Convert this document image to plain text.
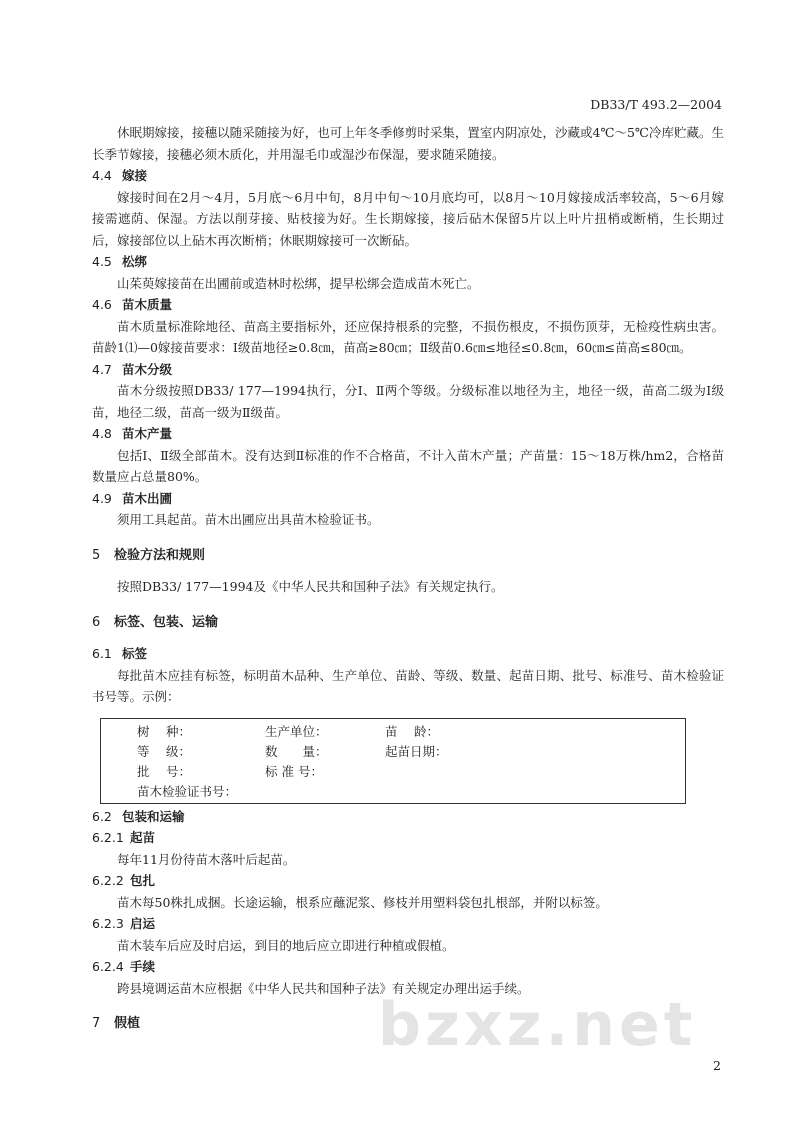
DB33/T 493.2—2004

休眠期嫁接，接穗以随采随接为好，也可上年冬季修剪时采集，置室内阴凉处，沙藏或4℃～5℃冷库贮藏。生长季节嫁接，接穗必须木质化，并用湿毛巾或湿沙布保湿，要求随采随接。

4.4 嫁接

嫁接时间在2月～4月，5月底～6月中旬，8月中旬～10月底均可，以8月～10月嫁接成活率较高，5～6月嫁接需遮荫、保湿。方法以削芽接、贴枝接为好。生长期嫁接，接后砧木保留5片以上叶片扭梢或断梢，生长期过后，嫁接部位以上砧木再次断梢；休眠期嫁接可一次断砧。

4.5 松绑

山茱萸嫁接苗在出圃前或造林时松绑，提早松绑会造成苗木死亡。

4.6 苗木质量

苗木质量标准除地径、苗高主要指标外，还应保持根系的完整，不损伤根皮，不损伤顶芽，无检疫性病虫害。苗龄1⑴—0嫁接苗要求：Ⅰ级苗地径≥0.8㎝，苗高≥80㎝；Ⅱ级苗0.6㎝≤地径≤0.8㎝，60㎝≤苗高≤80㎝。

4.7 苗木分级

苗木分级按照DB33/ 177—1994执行，分Ⅰ、Ⅱ两个等级。分级标准以地径为主，地径一级，苗高二级为Ⅰ级苗，地径二级，苗高一级为Ⅱ级苗。

4.8 苗木产量

包括Ⅰ、Ⅱ级全部苗木。没有达到Ⅱ标准的作不合格苗，不计入苗木产量；产苗量：15～18万株/hm2，合格苗数量应占总量80%。

4.9 苗木出圃

须用工具起苗。苗木出圃应出具苗木检验证书。

5 检验方法和规则

按照DB33/ 177—1994及《中华人民共和国种子法》有关规定执行。

6 标签、包装、运输
6.1 标签

每批苗木应挂有标签，标明苗木品种、生产单位、苗龄、等级、数量、起苗日期、批号、标准号、苗木检验证书号等。示例：

树　 种：	生产单位：	苗　 龄：
等　 级：	数　　量：	起苗日期：
批　 号：	标 准 号：
苗木检验证书号：
6.2 包装和运输
6.2.1 起苗

每年11月份待苗木落叶后起苗。

6.2.2 包扎

苗木每50株扎成捆。长途运输，根系应蘸泥浆、修枝并用塑料袋包扎根部，并附以标签。

6.2.3 启运

苗木装车后应及时启运，到目的地后应立即进行种植或假植。

6.2.4 手续

跨县境调运苗木应根据《中华人民共和国种子法》有关规定办理出运手续。

7 假植	bzxz.net
2
